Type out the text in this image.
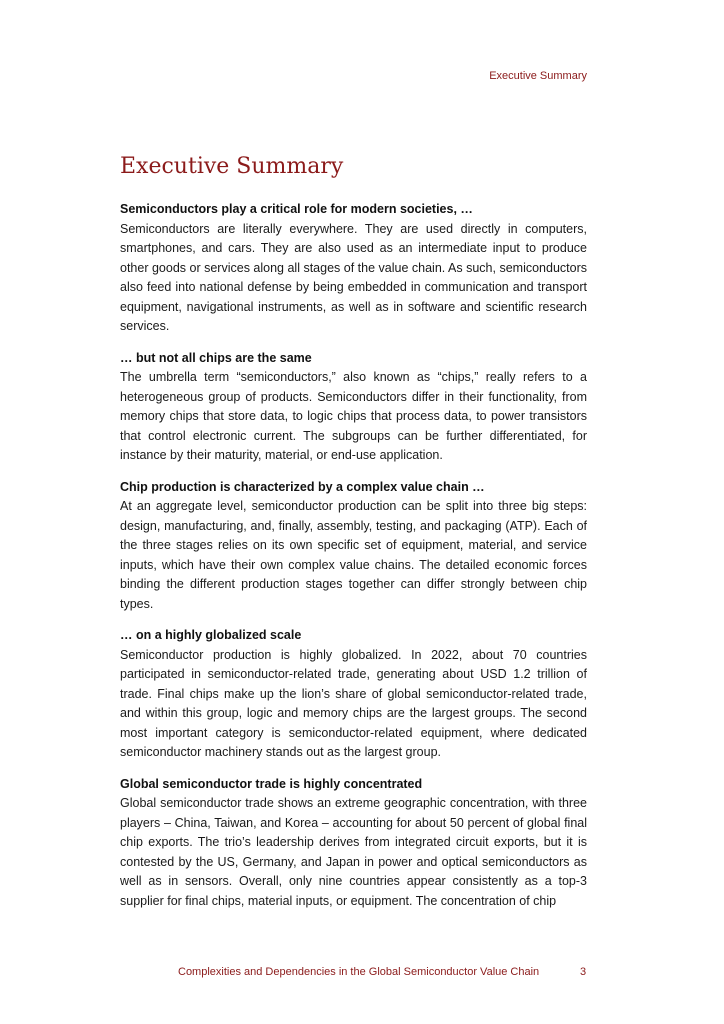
Executive Summary
Executive Summary

Semiconductors play a critical role for modern societies, …

Semiconductors are literally everywhere. They are used directly in computers, smartphones, and cars. They are also used as an intermediate input to produce other goods or services along all stages of the value chain. As such, semiconductors also feed into national defense by being embedded in communication and transport equipment, navigational instruments, as well as in software and scientific research services.

… but not all chips are the same

The umbrella term “semiconductors,” also known as “chips,” really refers to a heterogeneous group of products. Semiconductors differ in their functionality, from memory chips that store data, to logic chips that process data, to power transistors that control electronic current. The subgroups can be further differentiated, for instance by their maturity, material, or end-use application.

Chip production is characterized by a complex value chain …

At an aggregate level, semiconductor production can be split into three big steps: design, manufacturing, and, finally, assembly, testing, and packaging (ATP). Each of the three stages relies on its own specific set of equipment, material, and service inputs, which have their own complex value chains. The detailed economic forces binding the different production stages together can differ strongly between chip types.

… on a highly globalized scale

Semiconductor production is highly globalized. In 2022, about 70 countries participated in semiconductor-related trade, generating about USD 1.2 trillion of trade. Final chips make up the lion’s share of global semiconductor-related trade, and within this group, logic and memory chips are the largest groups. The second most important category is semiconductor-related equipment, where dedicated semiconductor machinery stands out as the largest group.

Global semiconductor trade is highly concentrated

Global semiconductor trade shows an extreme geographic concentration, with three players – China, Taiwan, and Korea – accounting for about 50 percent of global final chip exports. The trio’s leadership derives from integrated circuit exports, but it is contested by the US, Germany, and Japan in power and optical semiconductors as well as in sensors. Overall, only nine countries appear consistently as a top-3 supplier for final chips, material inputs, or equipment. The concentration of chip

Complexities and Dependencies in the Global Semiconductor Value Chain	3
